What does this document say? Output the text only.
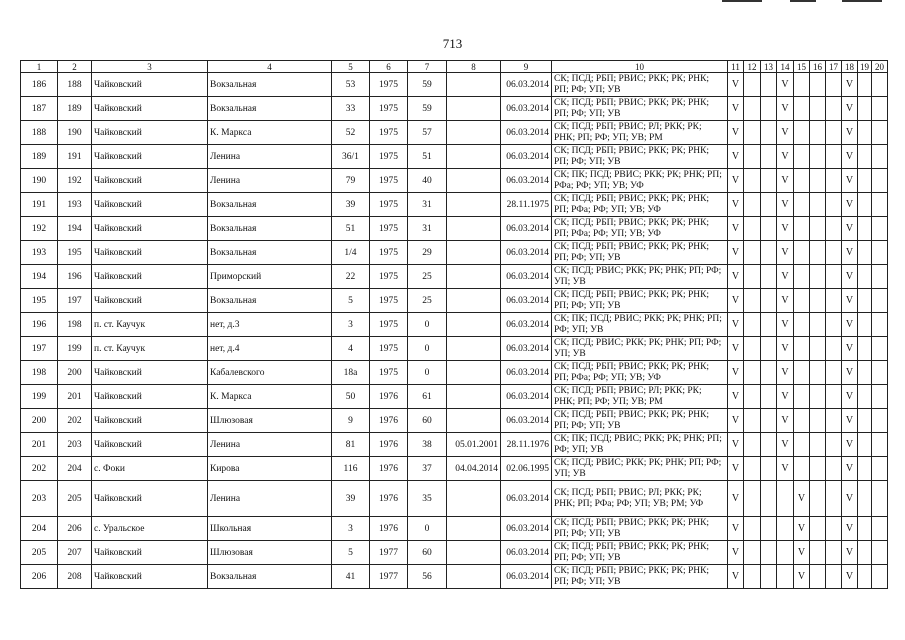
713
1	2	3	4	5	6	7	8	9	10	11	12	13	14	15	16	17	18	19	20
186	188	Чайковский	Вокзальная	53	1975	59		06.03.2014	СК; ПСД; РБП; РВИС; РКК; РК; РНК; РП; РФ; УП; УВ	V			V				V		
187	189	Чайковский	Вокзальная	33	1975	59		06.03.2014	СК; ПСД; РБП; РВИС; РКК; РК; РНК; РП; РФ; УП; УВ	V			V				V		
188	190	Чайковский	К. Маркса	52	1975	57		06.03.2014	СК; ПСД; РБП; РВИС; РЛ; РКК; РК; РНК; РП; РФ; УП; УВ; РМ	V			V				V		
189	191	Чайковский	Ленина	36/1	1975	51		06.03.2014	СК; ПСД; РБП; РВИС; РКК; РК; РНК; РП; РФ; УП; УВ	V			V				V		
190	192	Чайковский	Ленина	79	1975	40		06.03.2014	СК; ПК; ПСД; РВИС; РКК; РК; РНК; РП; РФа; РФ; УП; УВ; УФ	V			V				V		
191	193	Чайковский	Вокзальная	39	1975	31		28.11.1975	СК; ПСД; РБП; РВИС; РКК; РК; РНК; РП; РФа; РФ; УП; УВ; УФ	V			V				V		
192	194	Чайковский	Вокзальная	51	1975	31		06.03.2014	СК; ПСД; РБП; РВИС; РКК; РК; РНК; РП; РФа; РФ; УП; УВ; УФ	V			V				V		
193	195	Чайковский	Вокзальная	1/4	1975	29		06.03.2014	СК; ПСД; РБП; РВИС; РКК; РК; РНК; РП; РФ; УП; УВ	V			V				V		
194	196	Чайковский	Приморский	22	1975	25		06.03.2014	СК; ПСД; РВИС; РКК; РК; РНК; РП; РФ; УП; УВ	V			V				V		
195	197	Чайковский	Вокзальная	5	1975	25		06.03.2014	СК; ПСД; РБП; РВИС; РКК; РК; РНК; РП; РФ; УП; УВ	V			V				V		
196	198	п. ст. Каучук	нет, д.3	3	1975	0		06.03.2014	СК; ПК; ПСД; РВИС; РКК; РК; РНК; РП; РФ; УП; УВ	V			V				V		
197	199	п. ст. Каучук	нет, д.4	4	1975	0		06.03.2014	СК; ПСД; РВИС; РКК; РК; РНК; РП; РФ; УП; УВ	V			V				V		
198	200	Чайковский	Кабалевского	18а	1975	0		06.03.2014	СК; ПСД; РБП; РВИС; РКК; РК; РНК; РП; РФа; РФ; УП; УВ; УФ	V			V				V		
199	201	Чайковский	К. Маркса	50	1976	61		06.03.2014	СК; ПСД; РБП; РВИС; РЛ; РКК; РК; РНК; РП; РФ; УП; УВ; РМ	V			V				V		
200	202	Чайковский	Шлюзовая	9	1976	60		06.03.2014	СК; ПСД; РБП; РВИС; РКК; РК; РНК; РП; РФ; УП; УВ	V			V				V		
201	203	Чайковский	Ленина	81	1976	38	05.01.2001	28.11.1976	СК; ПК; ПСД; РВИС; РКК; РК; РНК; РП; РФ; УП; УВ	V			V				V		
202	204	с. Фоки	Кирова	116	1976	37	04.04.2014	02.06.1995	СК; ПСД; РВИС; РКК; РК; РНК; РП; РФ; УП; УВ	V			V				V		
203	205	Чайковский	Ленина	39	1976	35		06.03.2014	СК; ПСД; РБП; РВИС; РЛ; РКК; РК; РНК; РП; РФа; РФ; УП; УВ; РМ; УФ	V				V			V		
204	206	с. Уральское	Школьная	3	1976	0		06.03.2014	СК; ПСД; РБП; РВИС; РКК; РК; РНК; РП; РФ; УП; УВ	V				V			V		
205	207	Чайковский	Шлюзовая	5	1977	60		06.03.2014	СК; ПСД; РБП; РВИС; РКК; РК; РНК; РП; РФ; УП; УВ	V				V			V		
206	208	Чайковский	Вокзальная	41	1977	56		06.03.2014	СК; ПСД; РБП; РВИС; РКК; РК; РНК; РП; РФ; УП; УВ	V				V			V		
